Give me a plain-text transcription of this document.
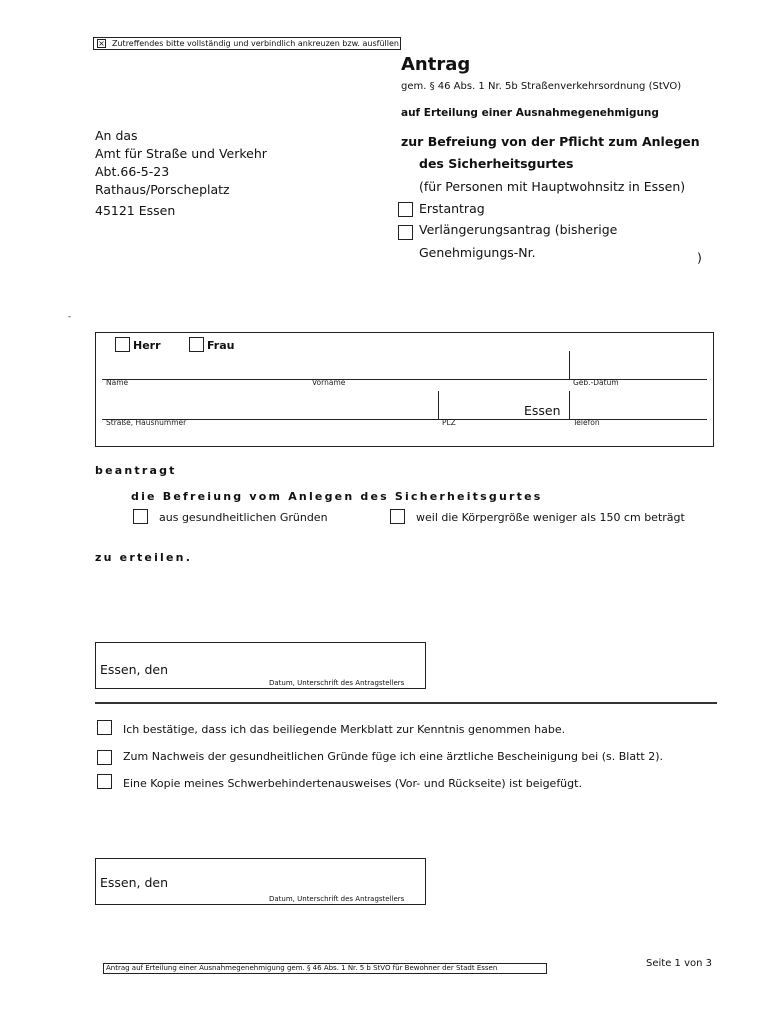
× Zutreffendes bitte vollständig und verbindlich ankreuzen bzw. ausfüllen
Antrag
gem. § 46 Abs. 1 Nr. 5b Straßenverkehrsordnung (StVO)
auf Erteilung einer Ausnahmegenehmigung
zur Befreiung von der Pflicht zum Anlegen
des Sicherheitsgurtes
(für Personen mit Hauptwohnsitz in Essen)
Erstantrag
Verlängerungsantrag (bisherige
Genehmigungs-Nr.	)
An das
Amt für Straße und Verkehr
Abt.66-5-23
Rathaus/Porscheplatz
45121 Essen
-
Herr	Frau
Name	Vorname	Geb.-Datum
Essen
Straße, Hausnummer	PLZ	Telefon
beantragt
die Befreiung vom Anlegen des Sicherheitsgurtes
aus gesundheitlichen Gründen	weil die Körpergröße weniger als 150 cm beträgt
zu erteilen.
Essen, den
Datum, Unterschrift des Antragstellers
Ich bestätige, dass ich das beiliegende Merkblatt zur Kenntnis genommen habe.
Zum Nachweis der gesundheitlichen Gründe füge ich eine ärztliche Bescheinigung bei (s. Blatt 2).
Eine Kopie meines Schwerbehindertenausweises (Vor- und Rückseite) ist beigefügt.
Essen, den
Datum, Unterschrift des Antragstellers
Antrag auf Erteilung einer Ausnahmegenehmigung gem. § 46 Abs. 1 Nr. 5 b StVO für Bewohner der Stadt Essen	Seite 1 von 3
